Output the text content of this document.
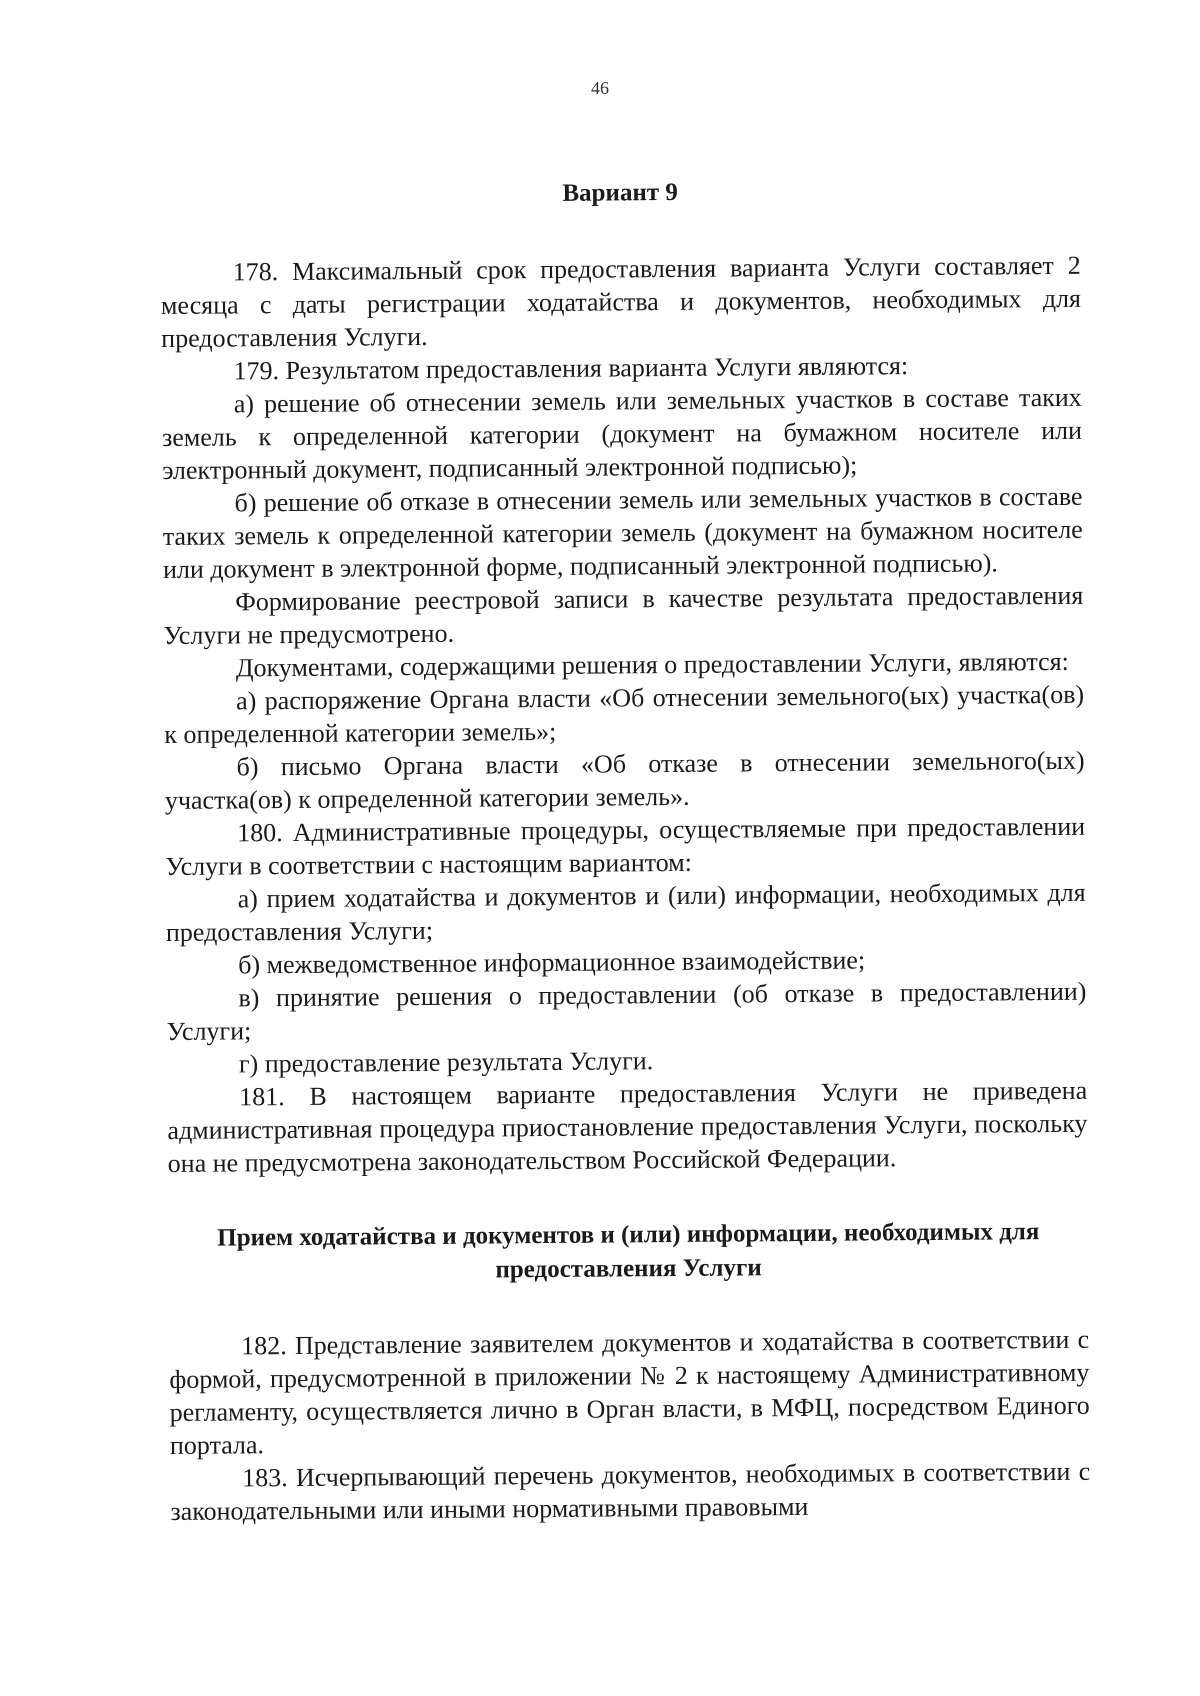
46
Вариант 9

178. Максимальный срок предоставления варианта Услуги составляет 2 месяца с даты регистрации ходатайства и документов, необходимых для предоставления Услуги.

179. Результатом предоставления варианта Услуги являются:

а) решение об отнесении земель или земельных участков в составе таких земель к определенной категории (документ на бумажном носителе или электронный документ, подписанный электронной подписью);

б) решение об отказе в отнесении земель или земельных участков в составе таких земель к определенной категории земель (документ на бумажном носителе или документ в электронной форме, подписанный электронной подписью).

Формирование реестровой записи в качестве результата предоставления Услуги не предусмотрено.

Документами, содержащими решения о предоставлении Услуги, являются:

а) распоряжение Органа власти «Об отнесении земельного(ых) участка(ов) к определенной категории земель»;

б) письмо Органа власти «Об отказе в отнесении земельного(ых) участка(ов) к определенной категории земель».

180. Административные процедуры, осуществляемые при предоставлении Услуги в соответствии с настоящим вариантом:

а) прием ходатайства и документов и (или) информации, необходимых для предоставления Услуги;

б) межведомственное информационное взаимодействие;

в) принятие решения о предоставлении (об отказе в предоставлении) Услуги;

г) предоставление результата Услуги.

181. В настоящем варианте предоставления Услуги не приведена административная процедура приостановление предоставления Услуги, поскольку она не предусмотрена законодательством Российской Федерации.

Прием ходатайства и документов и (или) информации, необходимых для предоставления Услуги

182. Представление заявителем документов и ходатайства в соответствии с формой, предусмотренной в приложении № 2 к настоящему Административному регламенту, осуществляется лично в Орган власти, в МФЦ, посредством Единого портала.

183. Исчерпывающий перечень документов, необходимых в соответствии с законодательными или иными нормативными правовыми
